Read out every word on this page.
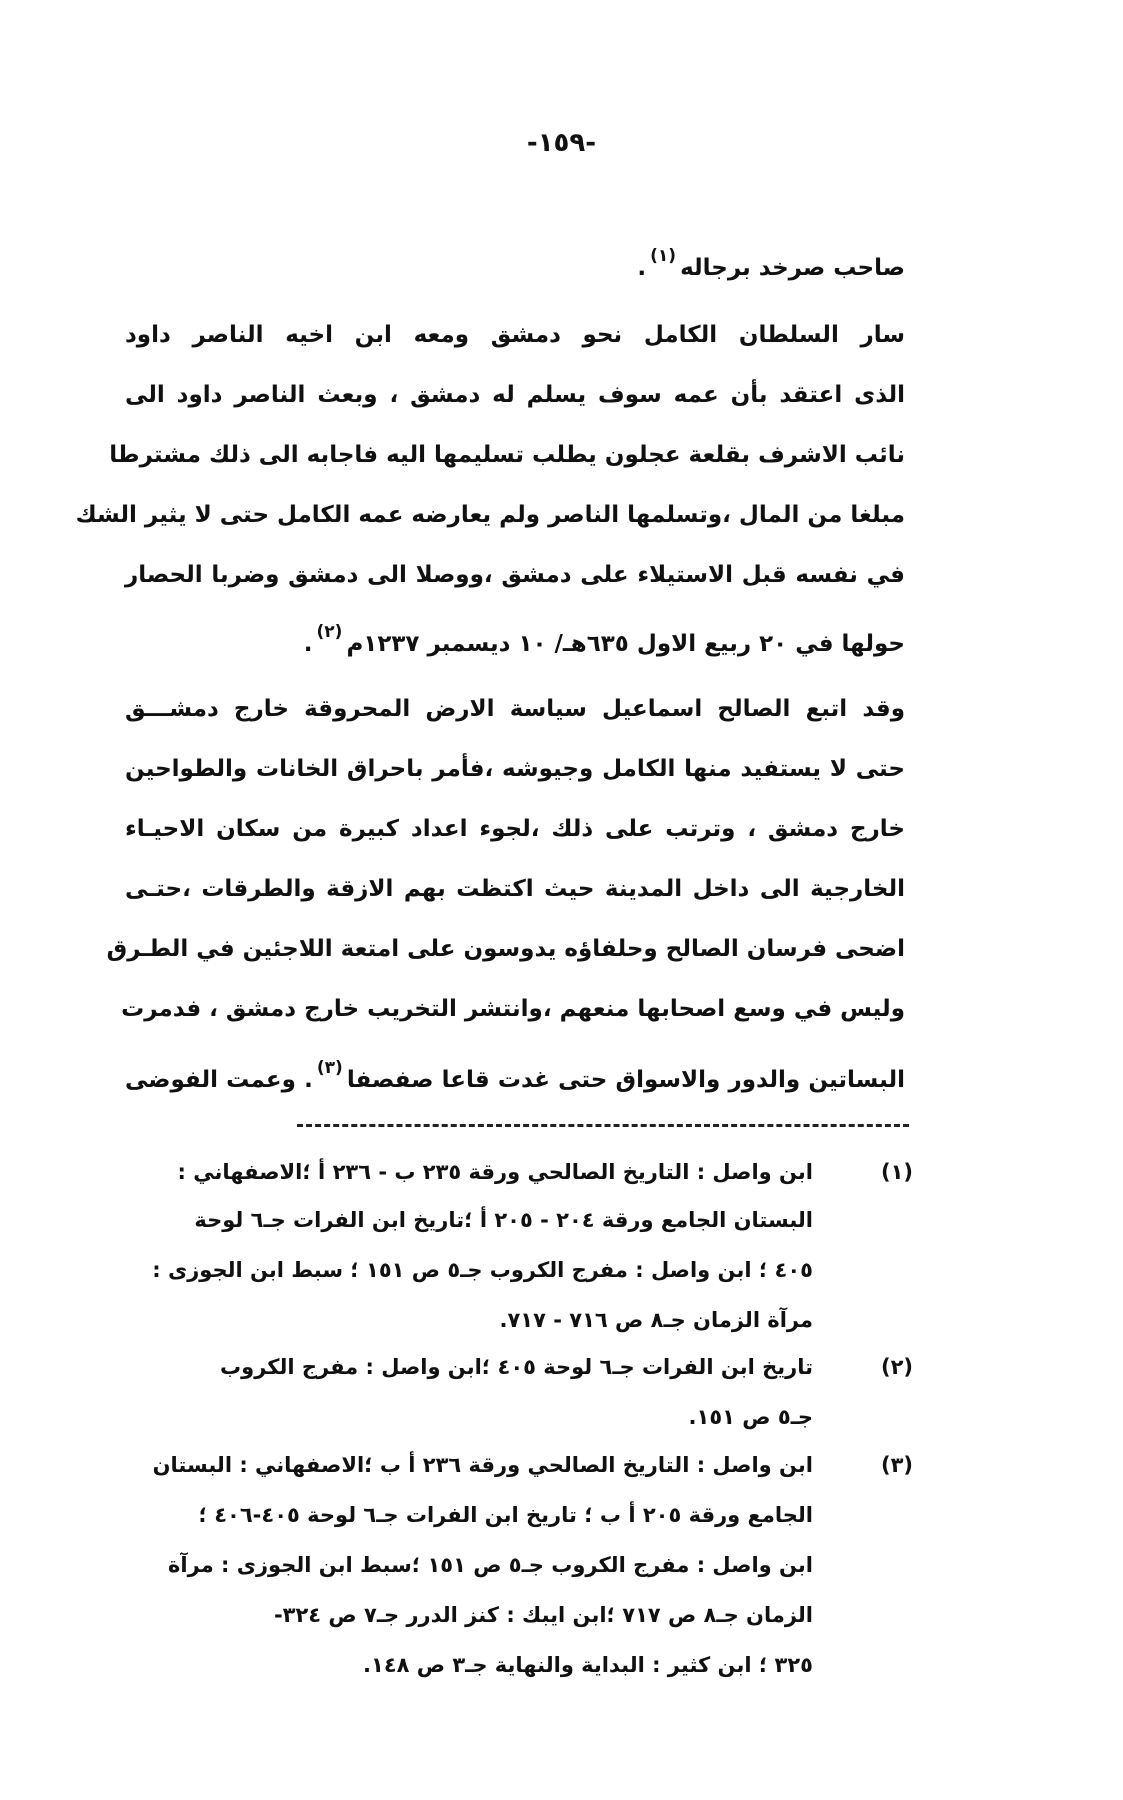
-١٥٩-
صاحب صرخد برجاله$^{(١)}$.
سار السلطان الكامل نحو دمشق ومعه ابن اخيه الناصر داود
الذى اعتقد بأن عمه سوف يسلم له دمشق ، وبعث الناصر داود الى
نائب الاشرف بقلعة عجلون يطلب تسليمها اليه فاجابه الى ذلك مشترطا
مبلغا من المال ،وتسلمها الناصر ولم يعارضه عمه الكامل حتى لا يثير الشك
في نفسه قبل الاستيلاء على دمشق ،ووصلا الى دمشق وضربا الحصار
حولها في ٢٠ ربيع الاول ٦٣٥هـ/ ١٠ ديسمبر ١٢٣٧م$^{(٢)}$.
وقد اتبع الصالح اسماعيل سياسة الارض المحروقة خارج دمشـــق
حتى لا يستفيد منها الكامل وجيوشه ،فأمر باحراق الخانات والطواحين
خارج دمشق ، وترتب على ذلك ،لجوء اعداد كبيرة من سكان الاحيـاء
الخارجية الى داخل المدينة حيث اكتظت بهم الازقة والطرقات ،حتـى
اضحى فرسان الصالح وحلفاؤه يدوسون على امتعة اللاجئين في الطـرق
وليس في وسع اصحابها منعهم ،وانتشر التخريب خارج دمشق ، فدمرت
البساتين والدور والاسواق حتى غدت قاعا صفصفا$^{(٣)}$. وعمت الفوضى
(١)
ابن واصل : التاريخ الصالحي ورقة ٢٣٥ ب - ٢٣٦ أ ؛الاصفهاني :
البستان الجامع ورقة ٢٠٤ - ٢٠٥ أ ؛تاريخ ابن الفرات جـ٦ لوحة
٤٠٥ ؛ ابن واصل : مفرج الكروب جـ٥ ص ١٥١ ؛ سبط ابن الجوزى :
مرآة الزمان جـ٨ ص ٧١٦ - ٧١٧.
(٢)
تاريخ ابن الفرات جـ٦ لوحة ٤٠٥ ؛ابن واصل : مفرج الكروب
جـ٥ ص ١٥١.
(٣)
ابن واصل : التاريخ الصالحي ورقة ٢٣٦ أ ب ؛الاصفهاني : البستان
الجامع ورقة ٢٠٥ أ ب ؛ تاريخ ابن الفرات جـ٦ لوحة ٤٠٥-٤٠٦ ؛
ابن واصل : مفرج الكروب جـ٥ ص ١٥١ ؛سبط ابن الجوزى : مرآة
الزمان جـ٨ ص ٧١٧ ؛ابن ايبك : كنز الدرر جـ٧ ص ٣٢٤-
٣٢٥ ؛ ابن كثير : البداية والنهاية جـ٣ ص ١٤٨.
